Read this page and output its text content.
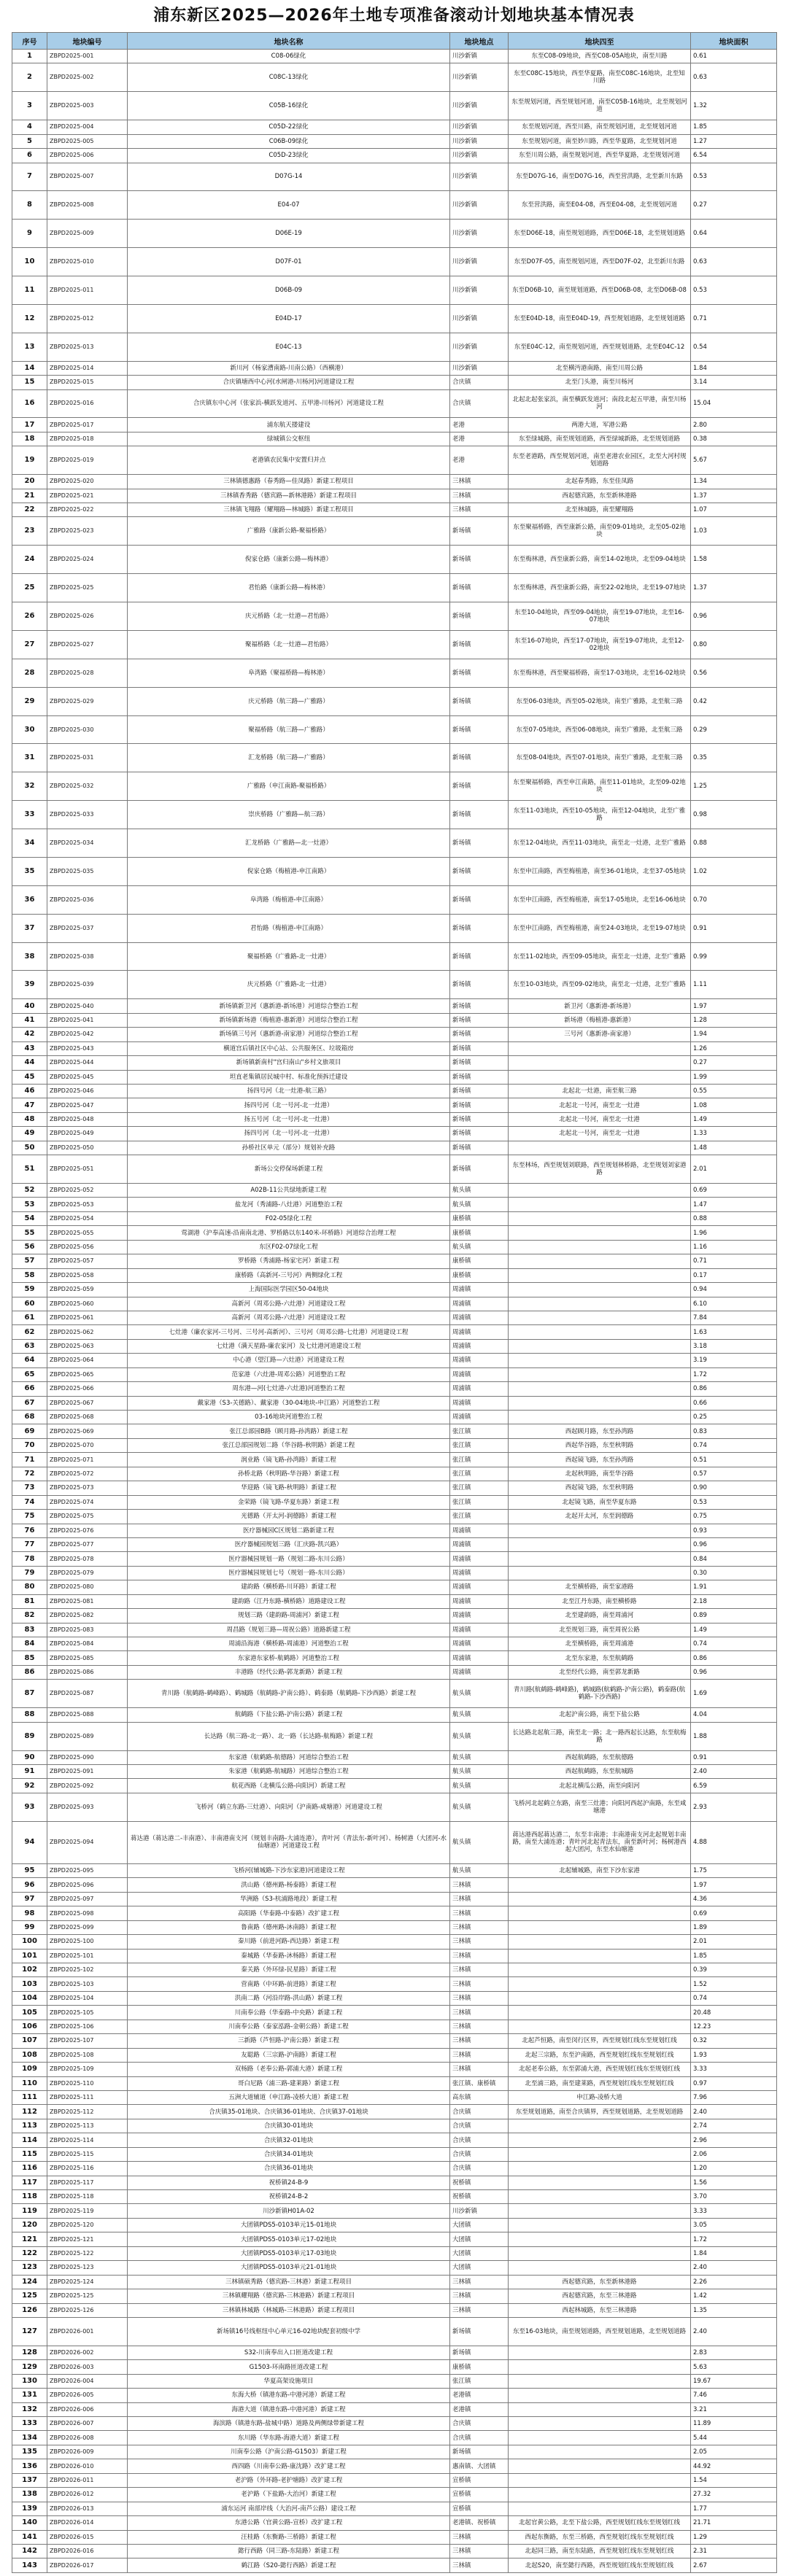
浦东新区2025—2026年土地专项准备滚动计划地块基本情况表
序号	地块编号	地块名称	地块地点	地块四至	地块面积
1	ZBPD2025-001	C08-06绿化	川沙新镇	东至C08-09地块，西至C08-05A地块，南至川路	0.61
2	ZBPD2025-002	C08C-13绿化	川沙新镇	东至C08C-15地块，西至华夏路，南至C08C-16地块，北至知川路	0.63
3	ZBPD2025-003	C05B-16绿化	川沙新镇	东至规划河道，西至规划河道，南至C05B-16地块，北至规划河道	1.32
4	ZBPD2025-004	C05D-22绿化	川沙新镇	东至规划河道，西至川路，南至规划河道，北至规划河道	1.85
5	ZBPD2025-005	C06B-09绿化	川沙新镇	东至规划河道，南至妙川路，西至华夏路，北至规划河道	1.27
6	ZBPD2025-006	C05D-23绿化	川沙新镇	东至川周公路，南至规划河道，西至华夏路，北至规划河道	6.54
7	ZBPD2025-007	D07G-14	川沙新镇	东至D07G-16，南至D07G-16，西至营洪路，北至新川东路	0.53
8	ZBPD2025-008	E04-07	川沙新镇	东至营洪路，南至E04-08，西至E04-08，北至规划河道	0.27
9	ZBPD2025-009	D06E-19	川沙新镇	东至D06E-18，南至规划道路，西至D06E-18，北至规划道路	0.64
10	ZBPD2025-010	D07F-01	川沙新镇	东至D07F-05，南至规划河道，西至D07F-02，北至新川东路	0.63
11	ZBPD2025-011	D06B-09	川沙新镇	东至D06B-10，南至规划道路，西至D06B-08，北至D06B-08	0.53
12	ZBPD2025-012	E04D-17	川沙新镇	东至E04D-18，南至E04D-19，西至规划道路，北至规划道路	0.71
13	ZBPD2025-013	E04C-13	川沙新镇	东至E04C-12，南至规划河道，西至规划道路，北至E04C-12	0.54
14	ZBPD2025-014	新川河（杨家漕南路-川南公路）（西横港）	川沙新镇	北至横沔港南路，南至川周公路	1.84
15	ZBPD2025-015	合庆镇塘西中心河(水闸港-川杨河)河道建设工程	合庆镇	北至门头港，南至川杨河	3.14
16	ZBPD2025-016	合庆镇东中心河（张家浜-横跃发道河、五甲港-川杨河）河道建设工程	合庆镇	北起北起张家浜，南至横跃发道河；南段北起五甲港，南至川杨河	15.04
17	ZBPD2025-017	浦东航天搂建设	老港	两港大道，军港公路	2.80
18	ZBPD2025-018	绿城镇公交枢纽	老港	东至绿城路，南至规划道路，西至绿城新路，北至规划道路	0.38
19	ZBPD2025-019	老港镇农民集中安置归并点	老港	东至老港路，西至规划河道，南至老港农业园区，北至大河村规划道路	5.67
20	ZBPD2025-020	三林镇德惠路（春秀路—佳凤路）新建工程项目	三林镇	北起春秀路，东至佳凤路	1.34
21	ZBPD2025-021	三林镇香秀路（德宾路—新林港路）新建工程项目	三林镇	西起德宾路，东至新林港路	1.37
22	ZBPD2025-022	三林镇飞翔路（耀翔路—林城路）新建工程项目	三林镇	北至林城路，南至耀翔路	1.07
23	ZBPD2025-023	广雅路（康新公路-聚福桥路）	新场镇	东至聚福桥路，西至康新公路，南至09-01地块，北至05-02地块	1.03
24	ZBPD2025-024	倪家仓路（康新公路—梅林港）	新场镇	东至梅林港，西至康新公路，南至14-02地块，北至09-04地块	1.58
25	ZBPD2025-025	君怡路（康新公路—梅林港）	新场镇	东至梅林港，西至康新公路，南至22-02地块，北至19-07地块	1.37
26	ZBPD2025-026	庆元桥路（北一灶港—君怡路）	新场镇	东至10-04地块，西至09-04地块，南至19-07地块，北至16-07地块	0.96
27	ZBPD2025-027	聚福桥路（北一灶港—君怡路）	新场镇	东至16-07地块，西至17-07地块，南至19-07地块，北至12-02地块	0.80
28	ZBPD2025-028	阜湾路（聚福桥路—梅林港）	新场镇	东至梅林港，西至聚福桥路，南至17-03地块，北至16-02地块	0.56
29	ZBPD2025-029	庆元桥路（航三路—广雅路）	新场镇	东至06-03地块，西至05-02地块，南至广雅路，北至航三路	0.42
30	ZBPD2025-030	聚福桥路（航三路—广雅路）	新场镇	东至07-05地块，西至06-08地块，南至广雅路，北至航三路	0.29
31	ZBPD2025-031	汇龙桥路（航三路—广雅路）	新场镇	东至08-04地块，西至07-01地块，南至广雅路，北至航三路	0.35
32	ZBPD2025-032	广雅路（申江南路-聚福桥路）	新场镇	东至聚福桥路，西至申江南路，南至11-01地块，北至09-02地块	1.25
33	ZBPD2025-033	崇庆桥路（广雅路—航三路）	新场镇	东至11-03地块，西至10-05地块，南至12-04地块，北至广雅路	0.98
34	ZBPD2025-034	汇龙桥路（广雅路—北一灶港）	新场镇	东至12-04地块，西至11-03地块，南至北一灶港，北至广雅路	0.88
35	ZBPD2025-035	倪家仓路（梅植港-申江南路）	新场镇	东至申江南路，西至梅植港，南至36-01地块，北至37-05地块	1.02
36	ZBPD2025-036	阜湾路（梅植港-申江南路）	新场镇	东至申江南路，西至梅植港，南至17-05地块，北至16-06地块	0.70
37	ZBPD2025-037	君怡路（梅植港-申江南路）	新场镇	东至申江南路，西至梅植港，南至24-03地块，北至19-07地块	0.91
38	ZBPD2025-038	聚福桥路（广雅路-北一灶港）	新场镇	东至11-02地块，西至09-05地块，南至北一灶港，北至广雅路	0.99
39	ZBPD2025-039	庆元桥路（广雅路-北一灶港）	新场镇	东至10-03地块，西至09-02地块，南至北一灶港，北至广雅路	1.11
40	ZBPD2025-040	新场镇新卫河（惠新港-新场港）河道综合整治工程	新场镇	新卫河（惠新港-新场港）	1.97
41	ZBPD2025-041	新场镇新场港（梅植港-惠新港）河道综合整治工程	新场镇	新场港（梅植港-惠新港）	1.28
42	ZBPD2025-042	新场镇三号河（惠新港-南家港）河道综合整治工程	新场镇	三号河（惠新港-南家港）	1.94
43	ZBPD2025-043	横道宫后镇社区中心站、公共服务区、垃圾箱房	新场镇		1.26
44	ZBPD2025-044	新场镇新南村"宫归南山"乡村文旅项目	新场镇		0.27
45	ZBPD2025-045	坦直老集镇居民城中村、标准化预拆迁建设	新场镇		1.99
46	ZBPD2025-046	扬四号河（北一灶港-航三路）	新场镇	北起北一灶港，南至航三路	0.55
47	ZBPD2025-047	扬四号河（北一号河-北一灶港）	新场镇	北起北一号河，南至北一灶港	1.08
48	ZBPD2025-048	扬五号河（北一号河-北一灶港）	新场镇	北起北一号河，南至北一灶港	1.49
49	ZBPD2025-049	扬四号河（北一号河-北一灶港）	新场镇	北起北一号河，南至北一灶港	1.33
50	ZBPD2025-050	孙桥社区单元（部分）规划补充路	新场镇		1.48
51	ZBPD2025-051	新场公交停保场新建工程	新场镇	东至林场，西至规划刘联路，西至规划林桥路，北至规划刘家港路	2.01
52	ZBPD2025-052	A02B-11公共绿地新建工程	航头镇		0.69
53	ZBPD2025-053	盐龙河（秀浦路-八灶港）河道整治工程	航头镇		1.47
54	ZBPD2025-054	F02-05绿化工程	康桥镇		0.88
55	ZBPD2025-055	莺湖港（沪奉高速-沿南南北港、罗桥路以东140米-环桥路）河道综合治理工程	康桥镇		1.96
56	ZBPD2025-056	东区F02-07绿化工程	航头镇		1.16
57	ZBPD2025-057	罗桥路（秀浦路-杨家宅河）新建工程	康桥镇		0.71
58	ZBPD2025-058	康桥路（高新河-三号河）两侧绿化工程	康桥镇		0.17
59	ZBPD2025-059	上海国际医学园区50-04地块	周浦镇		0.94
60	ZBPD2025-060	高新河（周邓公路-六灶港）河道建设工程	周浦镇		6.10
61	ZBPD2025-061	高新河（周邓公路-六灶港）河道建设工程	周浦镇		7.84
62	ZBPD2025-062	七灶港（廉农家河-三号河、三号河-高新河）、三号河（周邓公路-七灶港）河道建设工程	周浦镇		1.63
63	ZBPD2025-063	七灶港（满天星路-廉农家河）及七灶港河道建设工程	周浦镇		3.18
64	ZBPD2025-064	中心港（望江路—六灶港）河道建设工程	周浦镇		3.19
65	ZBPD2025-065	范家港（六灶港-周邓公路）河道整治工程	周浦镇		1.72
66	ZBPD2025-066	周东港—河(七灶港-六灶港)河道整治工程	周浦镇		0.86
67	ZBPD2025-067	戴家港（S3-关德路）、戴家港（30-04地块-申江路）河道整治工程	周浦镇		0.66
68	ZBPD2025-068	03-16地块河道整治工程	周浦镇		0.25
69	ZBPD2025-069	张江总部园B路（顾月路-孙湾路）新建工程	张江镇	西起顾月路，东至孙湾路	0.83
70	ZBPD2025-070	张江总部园规划二路（华谷路-秋明路）新建工程	张江镇	西起华谷路，东至秋明路	0.74
71	ZBPD2025-071	润业路（镜飞路-孙湾路）新建工程	张江镇	西起镜飞路，东至孙湾路	0.51
72	ZBPD2025-072	孙桥北路（秋明路-华谷路）新建工程	张江镇	北起秋明路，南至华谷路	0.57
73	ZBPD2025-073	华迎路（镜飞路-秋明路）新建工程	张江镇	西起镜飞路，东至秋明路	0.90
74	ZBPD2025-074	金荣路（镜飞路-华夏东路）新建工程	张江镇	北起镜飞路，南至华夏东路	0.53
75	ZBPD2025-075	光德路（开太河-润德路）新建工程	张江镇	北起开太河，东至润德路	0.75
76	ZBPD2025-076	医疗器械园C区规划二路新建工程	周浦镇		0.93
77	ZBPD2025-077	医疗器械园规划三路（汇庆路-凯兴路）	周浦镇		0.96
78	ZBPD2025-078	医疗器械园规划一路（规划二路-东川公路）	周浦镇		0.84
79	ZBPD2025-079	医疗器械园规划七号（规划一路-东川公路）	周浦镇		0.30
80	ZBPD2025-080	建韵路（横桥路-川环路）新建工程	周浦镇	北至横桥路，南至家港路	1.91
81	ZBPD2025-081	建韵路（江丹东路-横桥路）道路建设工程	周浦镇	北至江丹东路，南至横桥路	2.18
82	ZBPD2025-082	规划三路（建韵路-周浦河）新建工程	周浦镇	北至建韵路，南至周浦河	0.89
83	ZBPD2025-083	周昌路（规划三路—周祝公路）道路新建工程	周浦镇	北至规划三路，南至周祝公路	1.49
84	ZBPD2025-084	周浦沿海港（横桥路-周浦港）河道整治工程	周浦镇	北至横桥路，南至周浦港	0.74
85	ZBPD2025-085	东家港东家桥-航鹤路）河道整治工程	周浦镇	北至东家港，东至航鹤路	0.86
86	ZBPD2025-086	丰港路（经代公路-郭龙新路）新建工程	周浦镇	北至经代公路，南至郭龙新路	0.96
87	ZBPD2025-087	青川路（航鹤路-鹤峰路）、鹤城路（航鹤路-沪南公路）、鹤泰路（航鹤路-下沙西路）新建工程	航头镇	青川路(航鹤路-鹤峰路)，鹤城路(航鹤路-沪南公路)，鹤泰路(航鹤路-下沙西路)	1.69
88	ZBPD2025-088	航鹤路（下盐公路-沪南公路）新建工程	航头镇	北起沪南公路，南至下盐公路	4.04
89	ZBPD2025-089	长达路（航三路-北一路）、北一路（长达路-航梅路）新建工程	航头镇	长达路北起航三路，南至北一路；北一路西起长达路，东至航梅路	1.88
90	ZBPD2025-090	东家港（航鹤路-航德路）河道综合整治工程	航头镇	西起航鹤路，东至航德路	0.91
91	ZBPD2025-091	朱家港（航鹤路-航城路）河道综合整治工程	航头镇	西起航鹤路，东至航城路	2.40
92	ZBPD2025-092	航花西路（北横瓜公路-向阳河）新建工程	航头镇	北起北横瓜公路，南至向阳河	6.59
93	ZBPD2025-093	飞桥河（鹤立东路-三灶港）、向阳河（沪南路-咸塘港）河道建设工程	航头镇	飞桥河北起鹤立东路，南至三灶港；向阳河西起沪南路，东至咸塘港	2.93
94	ZBPD2025-094	蒋达港（蒋达港二-丰南港）、丰南港南支河（规划丰南路-大浦连港），青叶河（青法东-新叶河）、杨树港（大团河-水仙塘港）河道建设工程	航头镇	蒋达港西起蒋达港二，东至丰南港；丰南港南支河北起规划丰南路，南至大浦连港；青叶河北起青法东，南至新叶河；杨树港西起大团河，东至水仙塘港	4.88
95	ZBPD2025-095	飞桥河(辅城路-下沙东家港)河道建设工程	航头镇	北起辅城路，南至下沙东家港	1.75
96	ZBPD2025-096	洪山路（德州路-杨泰路）新建工程	三林镇		1.97
97	ZBPD2025-097	华洲路（S3-杭浦路地段）新建工程	三林镇		4.36
98	ZBPD2025-098	高阳路（华泰路-中泰路）改扩建工程	三林镇		0.69
99	ZBPD2025-099	鲁南路（德州路-沐南路）新建工程	三林镇		1.89
100	ZBPD2025-100	秦川路（前进河路-西边路）新建工程	三林镇		2.01
101	ZBPD2025-101	秦城路（华泰路-沐杨路）新建工程	三林镇		1.85
102	ZBPD2025-102	秦关路（外环绿-民星路）新建工程	三林镇		0.39
103	ZBPD2025-103	营南路（中环路-前进路）新建工程	三林镇		1.52
104	ZBPD2025-104	洪南二路（河沿岸路-洪山路）新建工程	三林镇		0.74
105	ZBPD2025-105	川南奉公路（华泰路-中央路）新建工程	三林镇		20.48
106	ZBPD2025-106	川南奉公路（泰家泓路-金朝公路）新建工程	三林镇		12.23
107	ZBPD2025-107	三新路（芦恒路-沪南公路）新建工程	三林镇	北起芦恒路，南至闵行区界，西至规划红线东至规划红线	0.32
108	ZBPD2025-108	友聪路（三宗路-沪南路）新建工程	三林镇	北起三宗路，东至沪南路，西至规划红线东至规划红线	1.93
109	ZBPD2025-109	双杨路（老奉公路-郭浦大港）新建工程	三林镇	北起老奉公路，东至郭浦大港，西至规划红线东至规划红线	3.33
110	ZBPD2025-110	哥白尼路（浦三路-建莱路）新建工程	张江镇、康桥镇	北至浦三路，南至建莱路，西至规划红线东至规划红线	0.97
111	ZBPD2025-111	五洲大道辅道（申江路-凌桥大道）新建工程	高东镇	申江路-凌桥大道	7.96
112	ZBPD2025-112	合庆镇35-01地块、合庆镇36-01地块、合庆镇37-01地块	合庆镇	东至规划道路，南至合庆镇界，西至规划道路，北至规划道路	2.40
113	ZBPD2025-113	合庆镇30-01地块	合庆镇		2.74
114	ZBPD2025-114	合庆镇32-01地块	合庆镇		2.96
115	ZBPD2025-115	合庆镇34-01地块	合庆镇		2.06
116	ZBPD2025-116	合庆镇36-01地块	合庆镇		1.20
117	ZBPD2025-117	祝桥镇24-B-9	祝桥镇		1.56
118	ZBPD2025-118	祝桥镇24-B-2	祝桥镇		3.70
119	ZBPD2025-119	川沙新镇H01A-02	川沙新镇		3.33
120	ZBPD2025-120	大团镇PDS5-0103单元15-01地块	大团镇		3.05
121	ZBPD2025-121	大团镇PDS5-0103单元17-02地块	大团镇		1.72
122	ZBPD2025-122	大团镇PDS5-0103单元17-03地块	大团镇		1.84
123	ZBPD2025-123	大团镇PDS5-0103单元21-01地块	大团镇		2.40
124	ZBPD2025-124	三林镇硕秀路（德宾路-三林港）新建工程项目	三林镇	西起德宾路，东至新林港路	2.26
125	ZBPD2025-125	三林镇耀翔路（德宾路-三林港路）新建工程项目	三林镇	西起德宾路，东至三林港路	1.42
126	ZBPD2025-126	三林镇林城路（林城路-三林港路）新建工程项目	三林镇	西起林城路，东至三林港路	1.35
127	ZBPD2026-001	新场镇16号线枢纽中心单元16-02地块配套初级中学	新场镇	东至16-03地块，南至规划道路，西至规划道路，北至规划道路	2.40
128	ZBPD2026-002	S32-川南奉出入口匝道改建工程	新场镇		2.83
129	ZBPD2026-003	G1503-环南路匝道改建工程	康桥镇		5.63
130	ZBPD2026-004	华夏高架设施项目	张江镇		19.67
131	ZBPD2026-005	东海大桥（镇港东路-中港河港）新建工程	老港镇		7.46
132	ZBPD2026-006	海港大道（镇港东路-中港河港）新建工程	老港镇		3.21
133	ZBPD2026-007	海滨路（镇港东路-盐城中路）道路及两侧绿带新建工程	合庆镇		11.89
134	ZBPD2026-008	东川路（华东路-海港大道）新建工程	合庆镇		5.44
135	ZBPD2026-009	川南奉公路（沪南公路-G1503）新建工程	新场镇		2.05
136	ZBPD2026-010	西四路（川南奉公路-康沈路）改扩建工程	惠南镇、大团镇		44.92
137	ZBPD2026-011	老沪路（外环路-老护塘路）改扩建工程	宣桥镇		1.54
138	ZBPD2026-012	老沪路（下盐路-大治河）新建工程	宣桥镇		27.32
139	ZBPD2026-013	浦东运河 南部岸线（大治河-南芦公路）建设工程	宣桥镇		1.77
140	ZBPD2026-014	东港公路（官黄公路-宣桥）改扩建工程	老港镇、祝桥镇	北起官黄公路，北至下盐公路，西至规划红线东至规划红线	21.71
141	ZBPD2026-015	汪桂路（东衡路-三桥路）新建工程	三林镇	西起东衡路，东至三桥路，西至规划红线东至规划红线	1.29
142	ZBPD2026-016	懿行西路（同三路-东陆路）新建工程	三林镇	北起同三路，南至东陆路，西至规划红线东至规划红线	2.31
143	ZBPD2026-017	鹤江路（S20-懿行西路）新建工程	三林镇	北起S20，南至懿行西路，西至规划红线东至规划红线	2.67
